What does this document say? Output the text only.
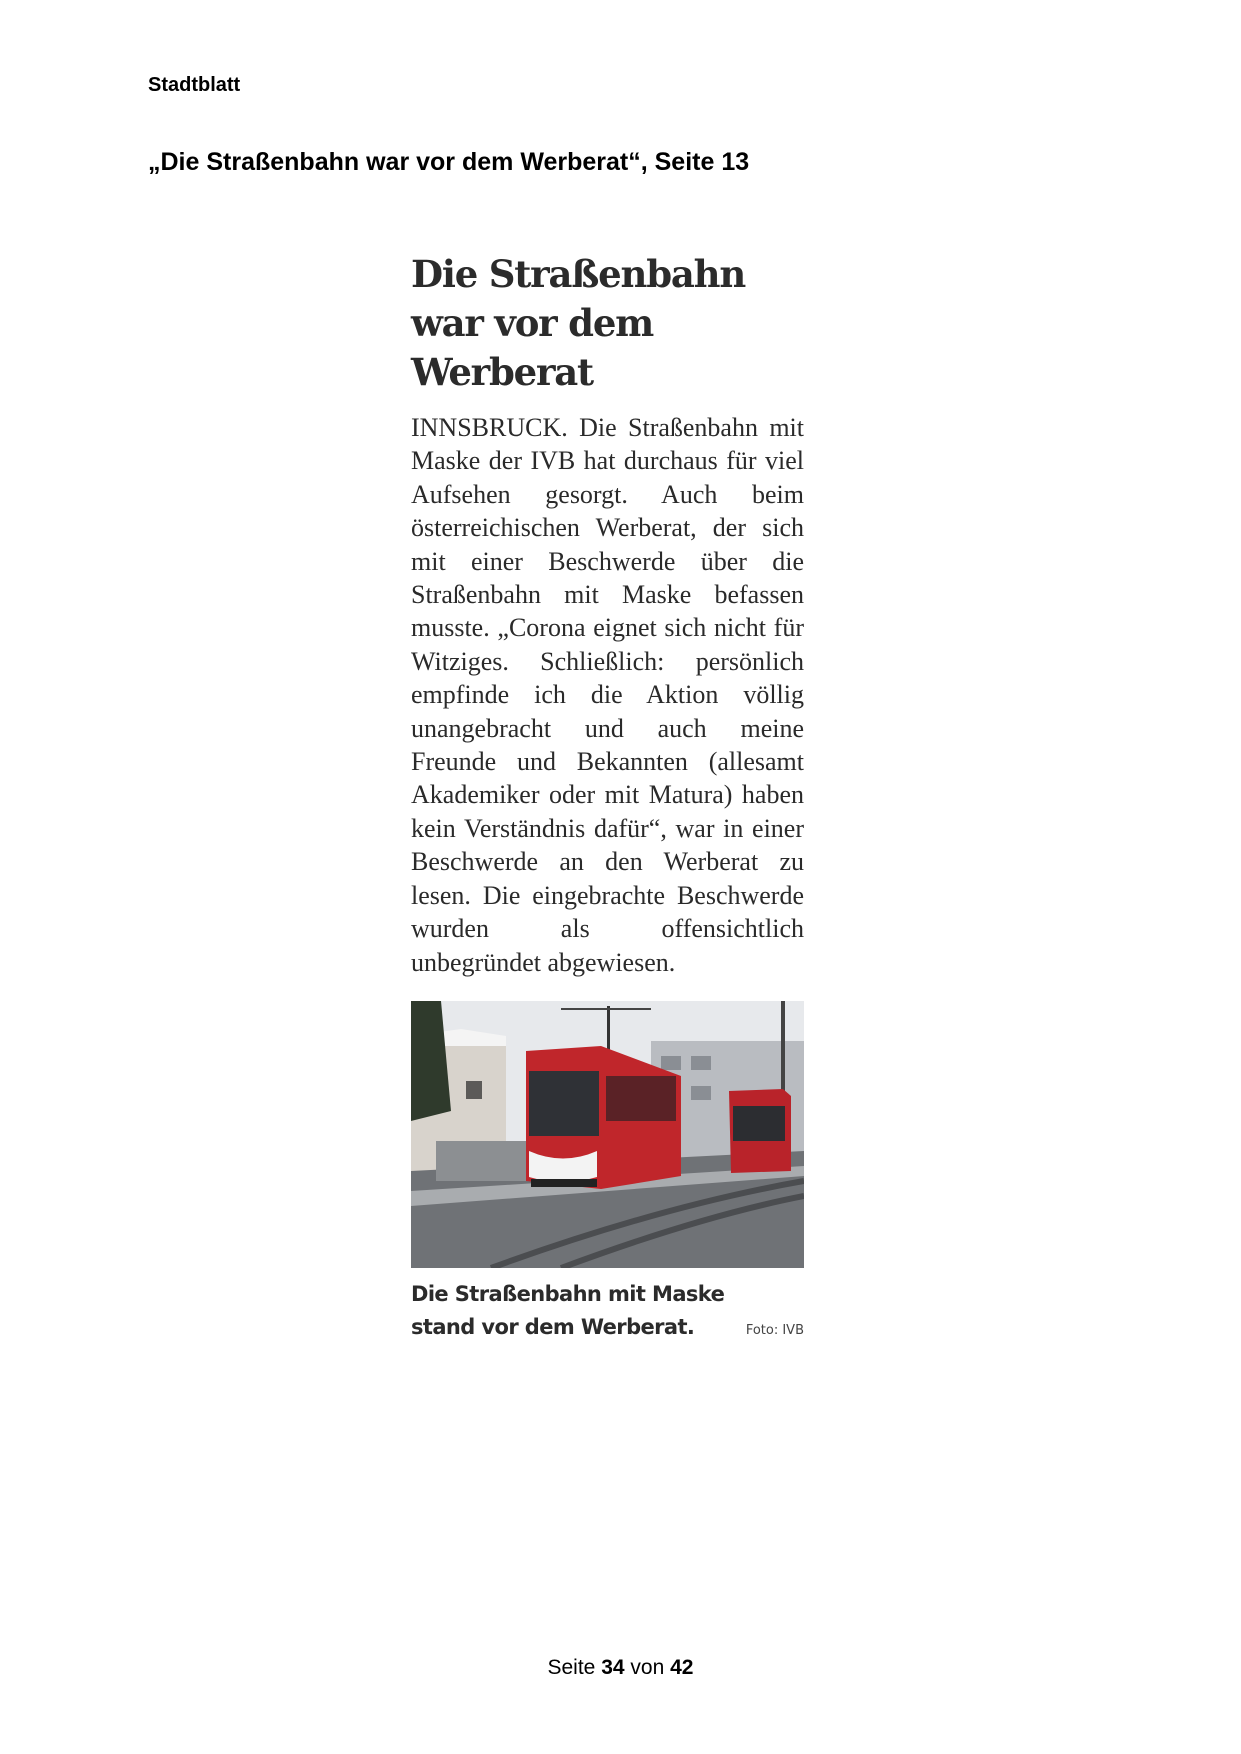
Stadtblatt
„Die Straßenbahn war vor dem Werberat“, Seite 13
Die Straßenbahn war vor dem Werberat

INNSBRUCK. Die Straßenbahn mit Maske der IVB hat durchaus für viel Aufsehen gesorgt. Auch beim österreichischen Werberat, der sich mit einer Beschwerde über die Straßenbahn mit Maske befassen musste. „Corona eignet sich nicht für Witziges. Schließlich: persönlich empfinde ich die Aktion völlig unangebracht und auch meine Freunde und Bekannten (allesamt Akademiker oder mit Matura) haben kein Verständnis dafür“, war in einer Beschwerde an den Werberat zu lesen. Die eingebrachte Beschwerde wurden als offensichtlich unbegründet abgewiesen.

Die Straßenbahn mit Maske stand vor dem Werberat.	Foto: IVB
Seite 34 von 42
